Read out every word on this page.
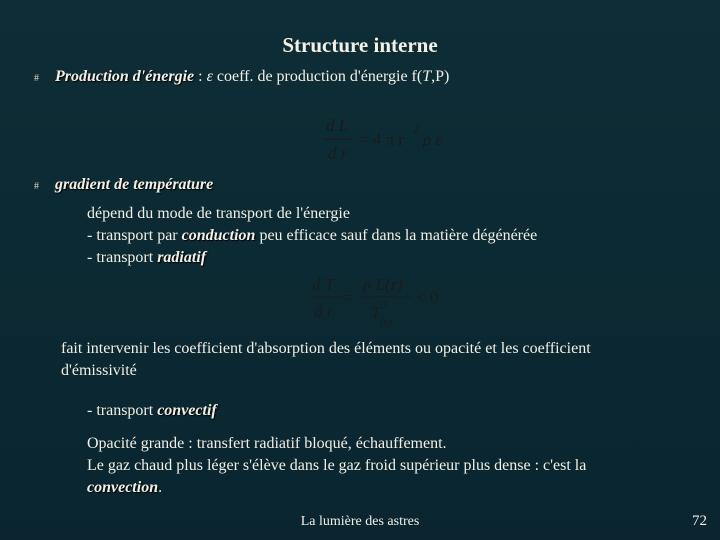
Structure interne
# Production d'énergie : ε coeff. de production d'énergie f(T,P)
d L
d r
= 4 π r 2 ρ ε
# gradient de température
dépend du mode de transport de l'énergie
- transport par conduction peu efficace sauf dans la matière dégénérée
- transport radiatif
d T
d r
=
ρ L(r)
T 3
(r)
< 0
fait intervenir les coefficient d'absorption des éléments ou opacité et les coefficient
d'émissivité
- transport convectif
Opacité grande : transfert radiatif bloqué, échauffement.
Le gaz chaud plus léger s'élève dans le gaz froid supérieur plus dense : c'est la
convection.
La lumière des astres	72
